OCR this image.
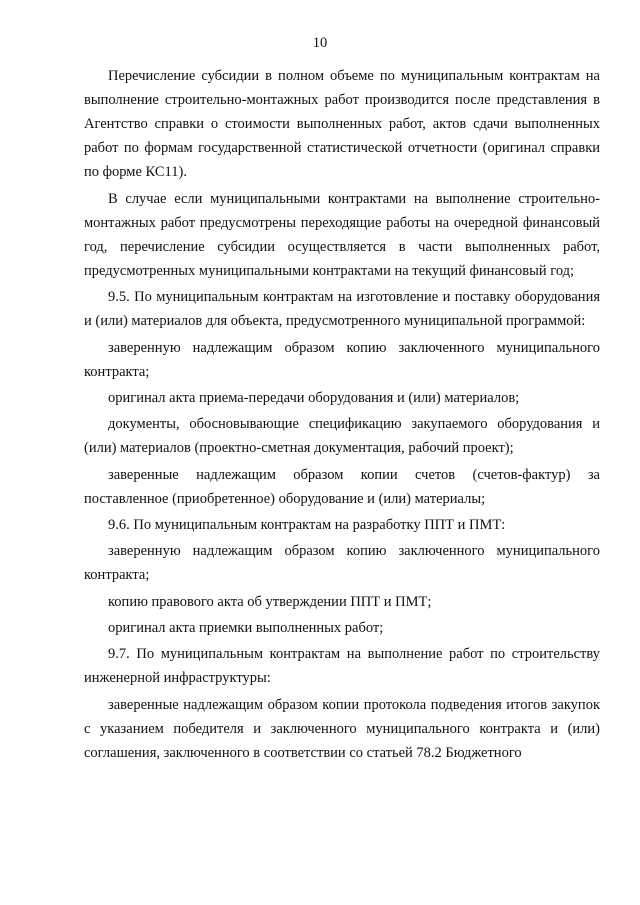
10

Перечисление субсидии в полном объеме по муниципальным контрактам на выполнение строительно-монтажных работ производится после представления в Агентство справки о стоимости выполненных работ, актов сдачи выполненных работ по формам государственной статистической отчетности (оригинал справки по форме КС11).

В случае если муниципальными контрактами на выполнение строительно-монтажных работ предусмотрены переходящие работы на очередной финансовый год, перечисление субсидии осуществляется в части выполненных работ, предусмотренных муниципальными контрактами на текущий финансовый год;

9.5. По муниципальным контрактам на изготовление и поставку оборудования и (или) материалов для объекта, предусмотренного муниципальной программой:

заверенную надлежащим образом копию заключенного муниципального контракта;

оригинал акта приема-передачи оборудования и (или) материалов;

документы, обосновывающие спецификацию закупаемого оборудования и (или) материалов (проектно-сметная документация, рабочий проект);

заверенные надлежащим образом копии счетов (счетов-фактур) за поставленное (приобретенное) оборудование и (или) материалы;

9.6. По муниципальным контрактам на разработку ППТ и ПМТ:

заверенную надлежащим образом копию заключенного муниципального контракта;

копию правового акта об утверждении ППТ и ПМТ;

оригинал акта приемки выполненных работ;

9.7. По муниципальным контрактам на выполнение работ по строительству инженерной инфраструктуры:

заверенные надлежащим образом копии протокола подведения итогов закупок с указанием победителя и заключенного муниципального контракта и (или) соглашения, заключенного в соответствии со статьей 78.2 Бюджетного
